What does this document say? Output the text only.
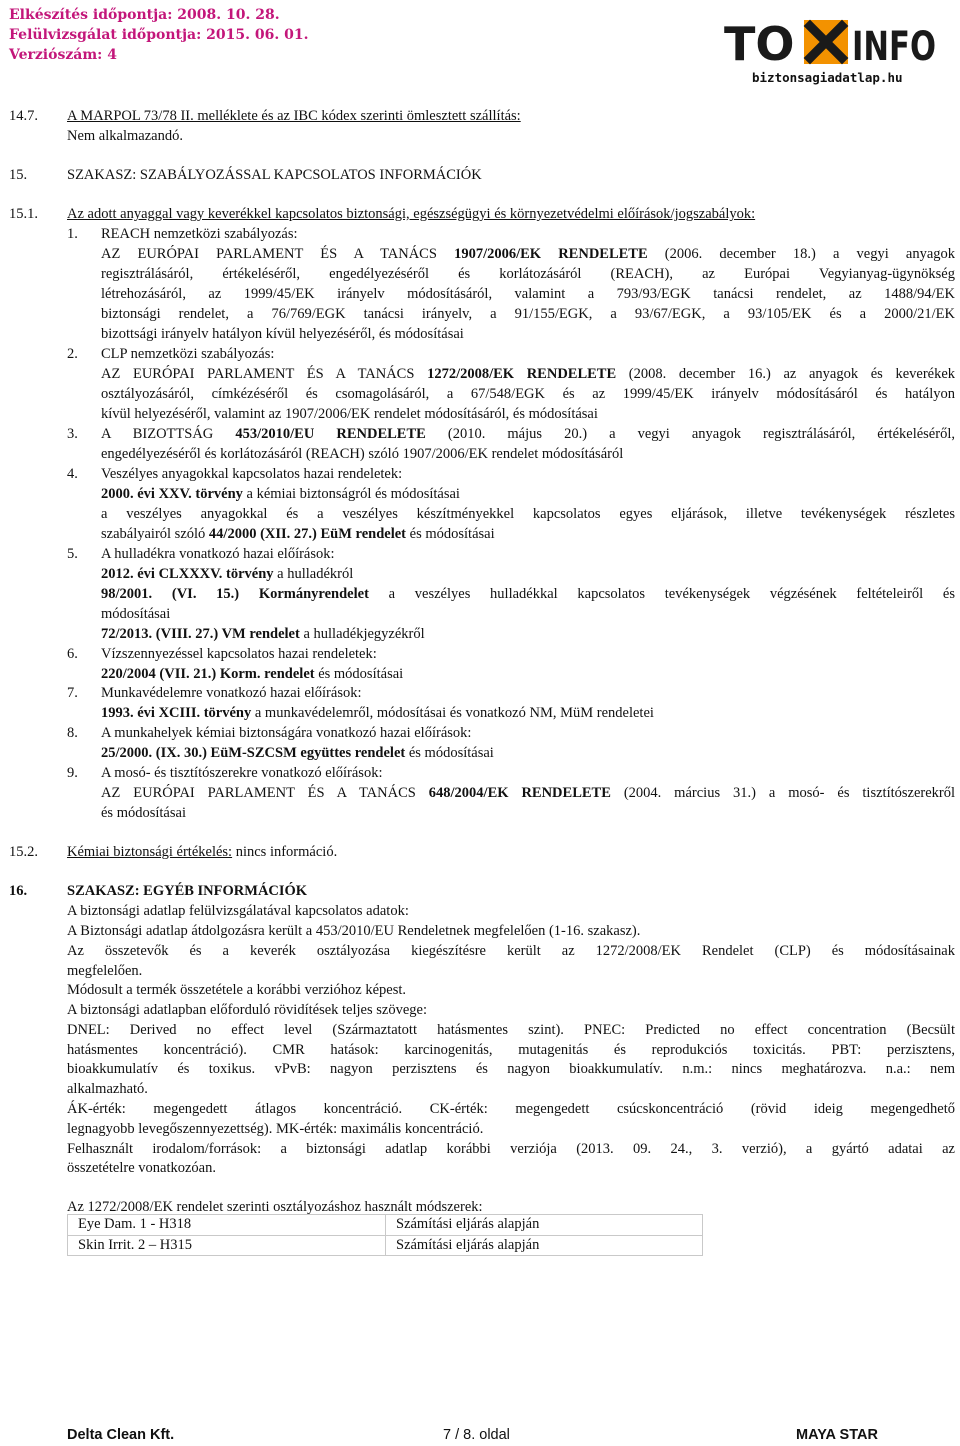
Elkészítés időpontja: 2008. 10. 28.
Felülvizsgálat időpontja: 2015. 06. 01.
Verziószám: 4	TO INFO
biztonsagiadatlap.hu
14.7. A MARPOL 73/78 II. melléklete és az IBC kódex szerinti ömlesztett szállítás:
Nem alkalmazandó.
15.	SZAKASZ: SZABÁLYOZÁSSAL KAPCSOLATOS INFORMÁCIÓK
15.1. Az adott anyaggal vagy keverékkel kapcsolatos biztonsági, egészségügyi és környezetvédelmi előírások/jogszabályok:
1. REACH nemzetközi szabályozás:
AZ EURÓPAI PARLAMENT ÉS A TANÁCS 1907/2006/EK RENDELETE (2006. december 18.) a vegyi anyagok
regisztrálásáról, értékeléséről, engedélyezéséről és korlátozásáról (REACH), az Európai Vegyianyag-ügynökség
létrehozásáról, az 1999/45/EK irányelv módosításáról, valamint a 793/93/EGK tanácsi rendelet, az 1488/94/EK
biztonsági rendelet, a 76/769/EGK tanácsi irányelv, a 91/155/EGK, a 93/67/EGK, a 93/105/EK és a 2000/21/EK
bizottsági irányelv hatályon kívül helyezéséről, és módosításai
2. CLP nemzetközi szabályozás:
AZ EURÓPAI PARLAMENT ÉS A TANÁCS 1272/2008/EK RENDELETE (2008. december 16.) az anyagok és keverékek
osztályozásáról, címkézéséről és csomagolásáról, a 67/548/EGK és az 1999/45/EK irányelv módosításáról és hatályon
kívül helyezéséről, valamint az 1907/2006/EK rendelet módosításáról, és módosításai
3. A BIZOTTSÁG 453/2010/EU RENDELETE (2010. május 20.) a vegyi anyagok regisztrálásáról, értékeléséről,
engedélyezéséről és korlátozásáról (REACH) szóló 1907/2006/EK rendelet módosításáról
4. Veszélyes anyagokkal kapcsolatos hazai rendeletek:
2000. évi XXV. törvény a kémiai biztonságról és módosításai
a veszélyes anyagokkal és a veszélyes készítményekkel kapcsolatos egyes eljárások, illetve tevékenységek részletes
szabályairól szóló 44/2000 (XII. 27.) EüM rendelet és módosításai
5. A hulladékra vonatkozó hazai előírások:
2012. évi CLXXXV. törvény a hulladékról
98/2001. (VI. 15.) Kormányrendelet a veszélyes hulladékkal kapcsolatos tevékenységek végzésének feltételeiről és
módosításai
72/2013. (VIII. 27.) VM rendelet a hulladékjegyzékről
6. Vízszennyezéssel kapcsolatos hazai rendeletek:
220/2004 (VII. 21.) Korm. rendelet és módosításai
7. Munkavédelemre vonatkozó hazai előírások:
1993. évi XCIII. törvény a munkavédelemről, módosításai és vonatkozó NM, MüM rendeletei
8. A munkahelyek kémiai biztonságára vonatkozó hazai előírások:
25/2000. (IX. 30.) EüM-SZCSM együttes rendelet és módosításai
9. A mosó- és tisztítószerekre vonatkozó előírások:
AZ EURÓPAI PARLAMENT ÉS A TANÁCS 648/2004/EK RENDELETE (2004. március 31.) a mosó- és tisztítószerekről
és módosításai
15.2. Kémiai biztonsági értékelés: nincs információ.
16.	SZAKASZ: EGYÉB INFORMÁCIÓK
A biztonsági adatlap felülvizsgálatával kapcsolatos adatok:
A Biztonsági adatlap átdolgozásra került a 453/2010/EU Rendeletnek megfelelően (1-16. szakasz).
Az összetevők és a keverék osztályozása kiegészítésre került az 1272/2008/EK Rendelet (CLP) és módosításainak
megfelelően.
Módosult a termék összetétele a korábbi verzióhoz képest.
A biztonsági adatlapban előforduló rövidítések teljes szövege:
DNEL: Derived no effect level (Származtatott hatásmentes szint). PNEC: Predicted no effect concentration (Becsült
hatásmentes koncentráció). CMR hatások: karcinogenitás, mutagenitás és reprodukciós toxicitás. PBT: perzisztens,
bioakkumulatív és toxikus. vPvB: nagyon perzisztens és nagyon bioakkumulatív. n.m.: nincs meghatározva. n.a.: nem
alkalmazható.
ÁK-érték: megengedett átlagos koncentráció. CK-érték: megengedett csúcskoncentráció (rövid ideig megengedhető
legnagyobb levegőszennyezettség). MK-érték: maximális koncentráció.
Felhasznált irodalom/források: a biztonsági adatlap korábbi verziója (2013. 09. 24., 3. verzió), a gyártó adatai az
összetételre vonatkozóan.
Az 1272/2008/EK rendelet szerinti osztályozáshoz használt módszerek:
Eye Dam. 1 - H318	Számítási eljárás alapján
Skin Irrit. 2 – H315	Számítási eljárás alapján
Delta Clean Kft.	7 / 8. oldal	MAYA STAR
